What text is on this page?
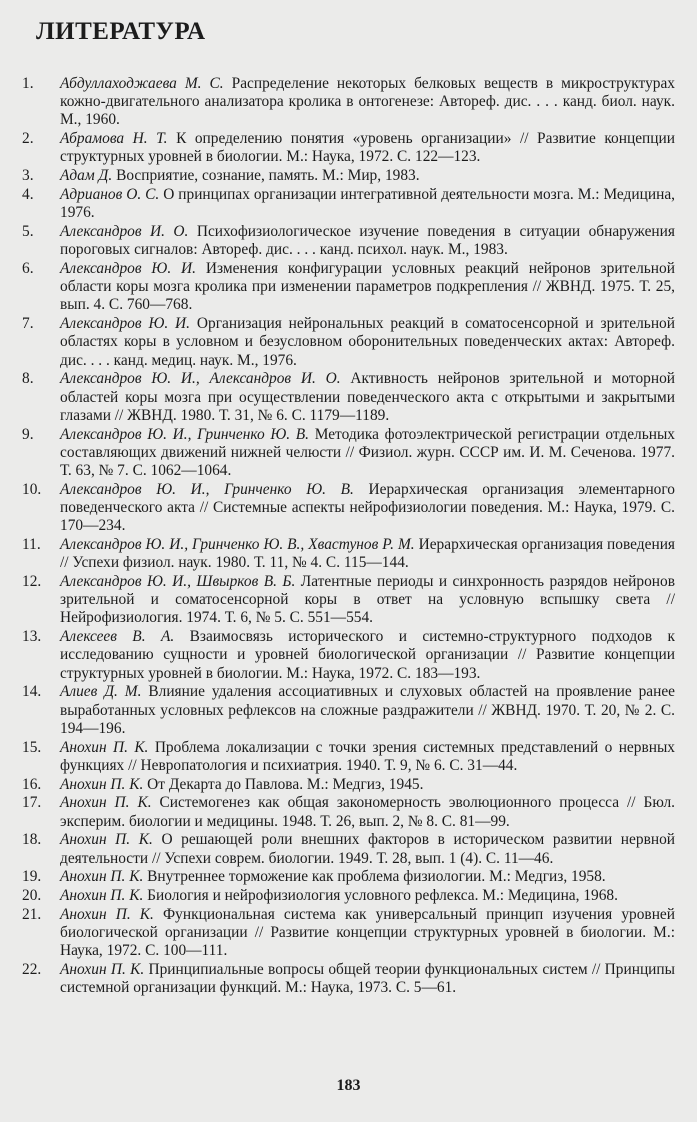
ЛИТЕРАТУРА
1.	Абдуллаходжаева М. С. Распределение некоторых белковых веществ в микроструктурах кожно-двигательного анализатора кролика в онтогенезе: Автореф. дис. . . . канд. биол. наук. М., 1960.
2.	Абрамова Н. Т. К определению понятия «уровень организации» // Развитие концепции структурных уровней в биологии. М.: Наука, 1972. С. 122—123.
3.	Адам Д. Восприятие, сознание, память. М.: Мир, 1983.
4.	Адрианов О. С. О принципах организации интегративной деятельности мозга. М.: Медицина, 1976.
5.	Александров И. О. Психофизиологическое изучение поведения в ситуации обнаружения пороговых сигналов: Автореф. дис. . . . канд. психол. наук. М., 1983.
6.	Александров Ю. И. Изменения конфигурации условных реакций нейронов зрительной области коры мозга кролика при изменении параметров подкрепления // ЖВНД. 1975. Т. 25, вып. 4. С. 760—768.
7.	Александров Ю. И. Организация нейрональных реакций в соматосенсорной и зрительной областях коры в условном и безусловном оборонительных поведенческих актах: Автореф. дис. . . . канд. медиц. наук. М., 1976.
8.	Александров Ю. И., Александров И. О. Активность нейронов зрительной и моторной областей коры мозга при осуществлении поведенческого акта с открытыми и закрытыми глазами // ЖВНД. 1980. Т. 31, № 6. С. 1179—1189.
9.	Александров Ю. И., Гринченко Ю. В. Методика фотоэлектрической регистрации отдельных составляющих движений нижней челюсти // Физиол. журн. СССР им. И. М. Сеченова. 1977. Т. 63, № 7. С. 1062—1064.
10.	Александров Ю. И., Гринченко Ю. В. Иерархическая организация элементарного поведенческого акта // Системные аспекты нейрофизиологии поведения. М.: Наука, 1979. С. 170—234.
11.	Александров Ю. И., Гринченко Ю. В., Хвастунов Р. М. Иерархическая организация поведения // Успехи физиол. наук. 1980. Т. 11, № 4. С. 115—144.
12.	Александров Ю. И., Швырков В. Б. Латентные периоды и синхронность разрядов нейронов зрительной и соматосенсорной коры в ответ на условную вспышку света // Нейрофизиология. 1974. Т. 6, № 5. С. 551—554.
13.	Алексеев В. А. Взаимосвязь исторического и системно-структурного подходов к исследованию сущности и уровней биологической организации // Развитие концепции структурных уровней в биологии. М.: Наука, 1972. С. 183—193.
14.	Алиев Д. М. Влияние удаления ассоциативных и слуховых областей на проявление ранее выработанных условных рефлексов на сложные раздражители // ЖВНД. 1970. Т. 20, № 2. С. 194—196.
15.	Анохин П. К. Проблема локализации с точки зрения системных представлений о нервных функциях // Невропатология и психиатрия. 1940. Т. 9, № 6. С. 31—44.
16.	Анохин П. К. От Декарта до Павлова. М.: Медгиз, 1945.
17.	Анохин П. К. Системогенез как общая закономерность эволюционного процесса // Бюл. эксперим. биологии и медицины. 1948. Т. 26, вып. 2, № 8. С. 81—99.
18.	Анохин П. К. О решающей роли внешних факторов в историческом развитии нервной деятельности // Успехи соврем. биологии. 1949. Т. 28, вып. 1 (4). С. 11—46.
19.	Анохин П. К. Внутреннее торможение как проблема физиологии. М.: Медгиз, 1958.
20.	Анохин П. К. Биология и нейрофизиология условного рефлекса. М.: Медицина, 1968.
21.	Анохин П. К. Функциональная система как универсальный принцип изучения уровней биологической организации // Развитие концепции структурных уровней в биологии. М.: Наука, 1972. С. 100—111.
22.	Анохин П. К. Принципиальные вопросы общей теории функциональных систем // Принципы системной организации функций. М.: Наука, 1973. С. 5—61.
183
